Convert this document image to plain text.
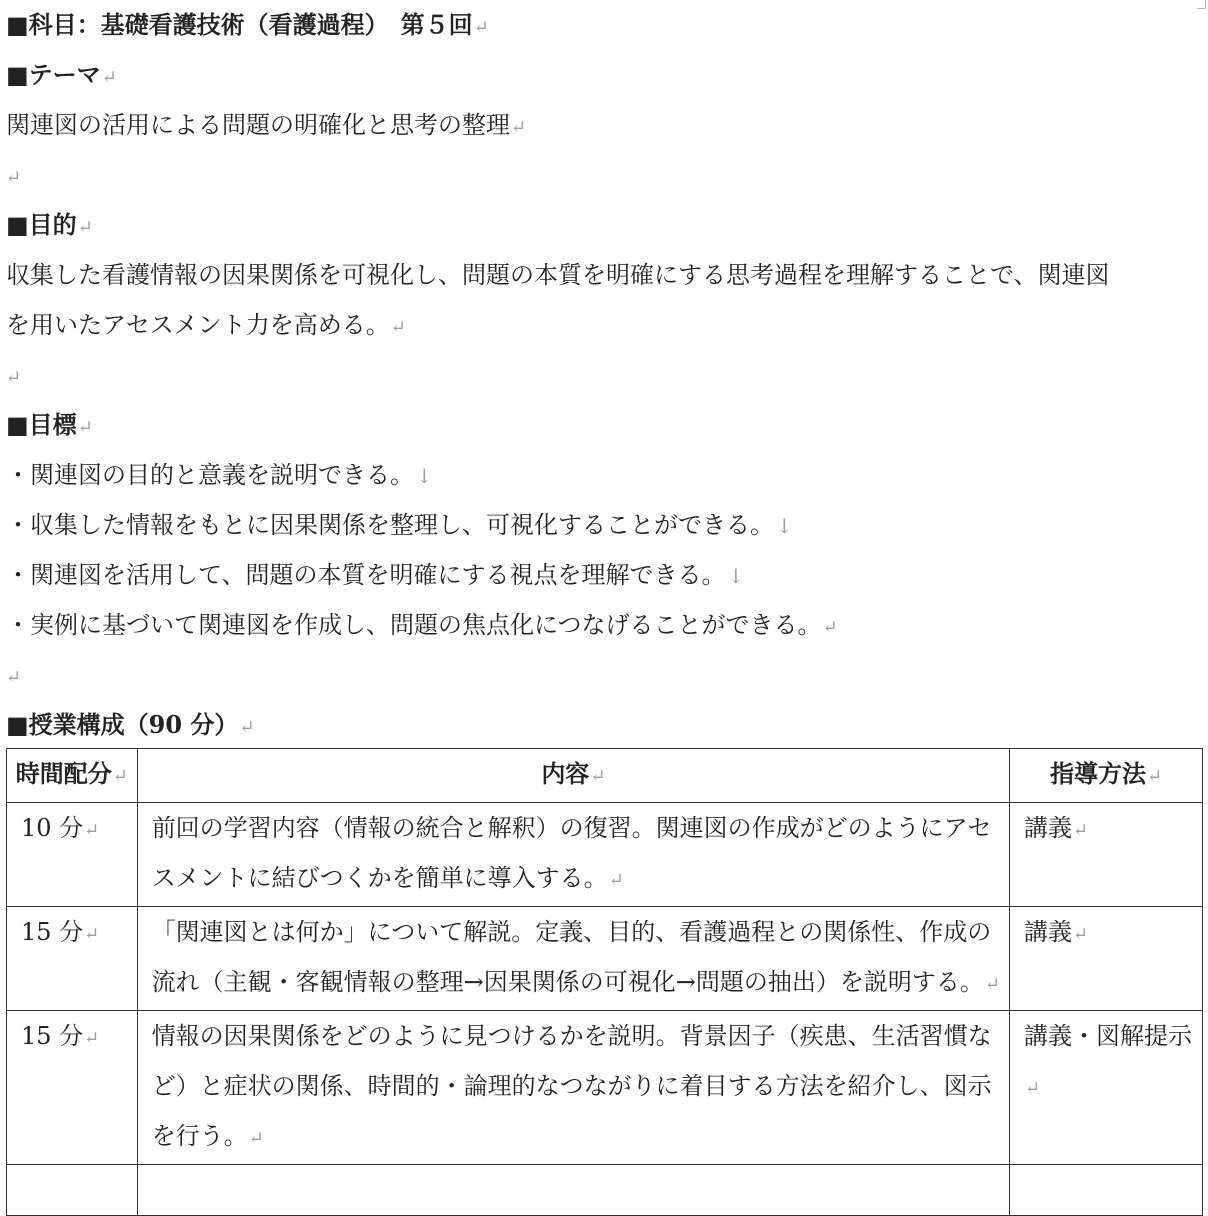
■科目：基礎看護技術（看護過程）　第５回↵
■テーマ↵
関連図の活用による問題の明確化と思考の整理↵
↵
■目的↵
収集した看護情報の因果関係を可視化し、問題の本質を明確にする思考過程を理解することで、関連図
を用いたアセスメント力を高める。↵
↵
■目標↵
・関連図の目的と意義を説明できる。 ↓
・収集した情報をもとに因果関係を整理し、可視化することができる。 ↓
・関連図を活用して、問題の本質を明確にする視点を理解できる。 ↓
・実例に基づいて関連図を作成し、問題の焦点化につなげることができる。↵
↵
■授業構成（90 分）↵
時間配分↵	内容↵	指導方法↵
10 分↵	前回の学習内容（情報の統合と解釈）の復習。関連図の作成がどのようにアセスメントに結びつくかを簡単に導入する。↵	講義↵
15 分↵	「関連図とは何か」について解説。定義、目的、看護過程との関係性、作成の流れ（主観・客観情報の整理→因果関係の可視化→問題の抽出）を説明する。↵	講義↵
15 分↵	情報の因果関係をどのように見つけるかを説明。背景因子（疾患、生活習慣など）と症状の関係、時間的・論理的なつながりに着目する方法を紹介し、図示を行う。↵	講義・図解提示↵
